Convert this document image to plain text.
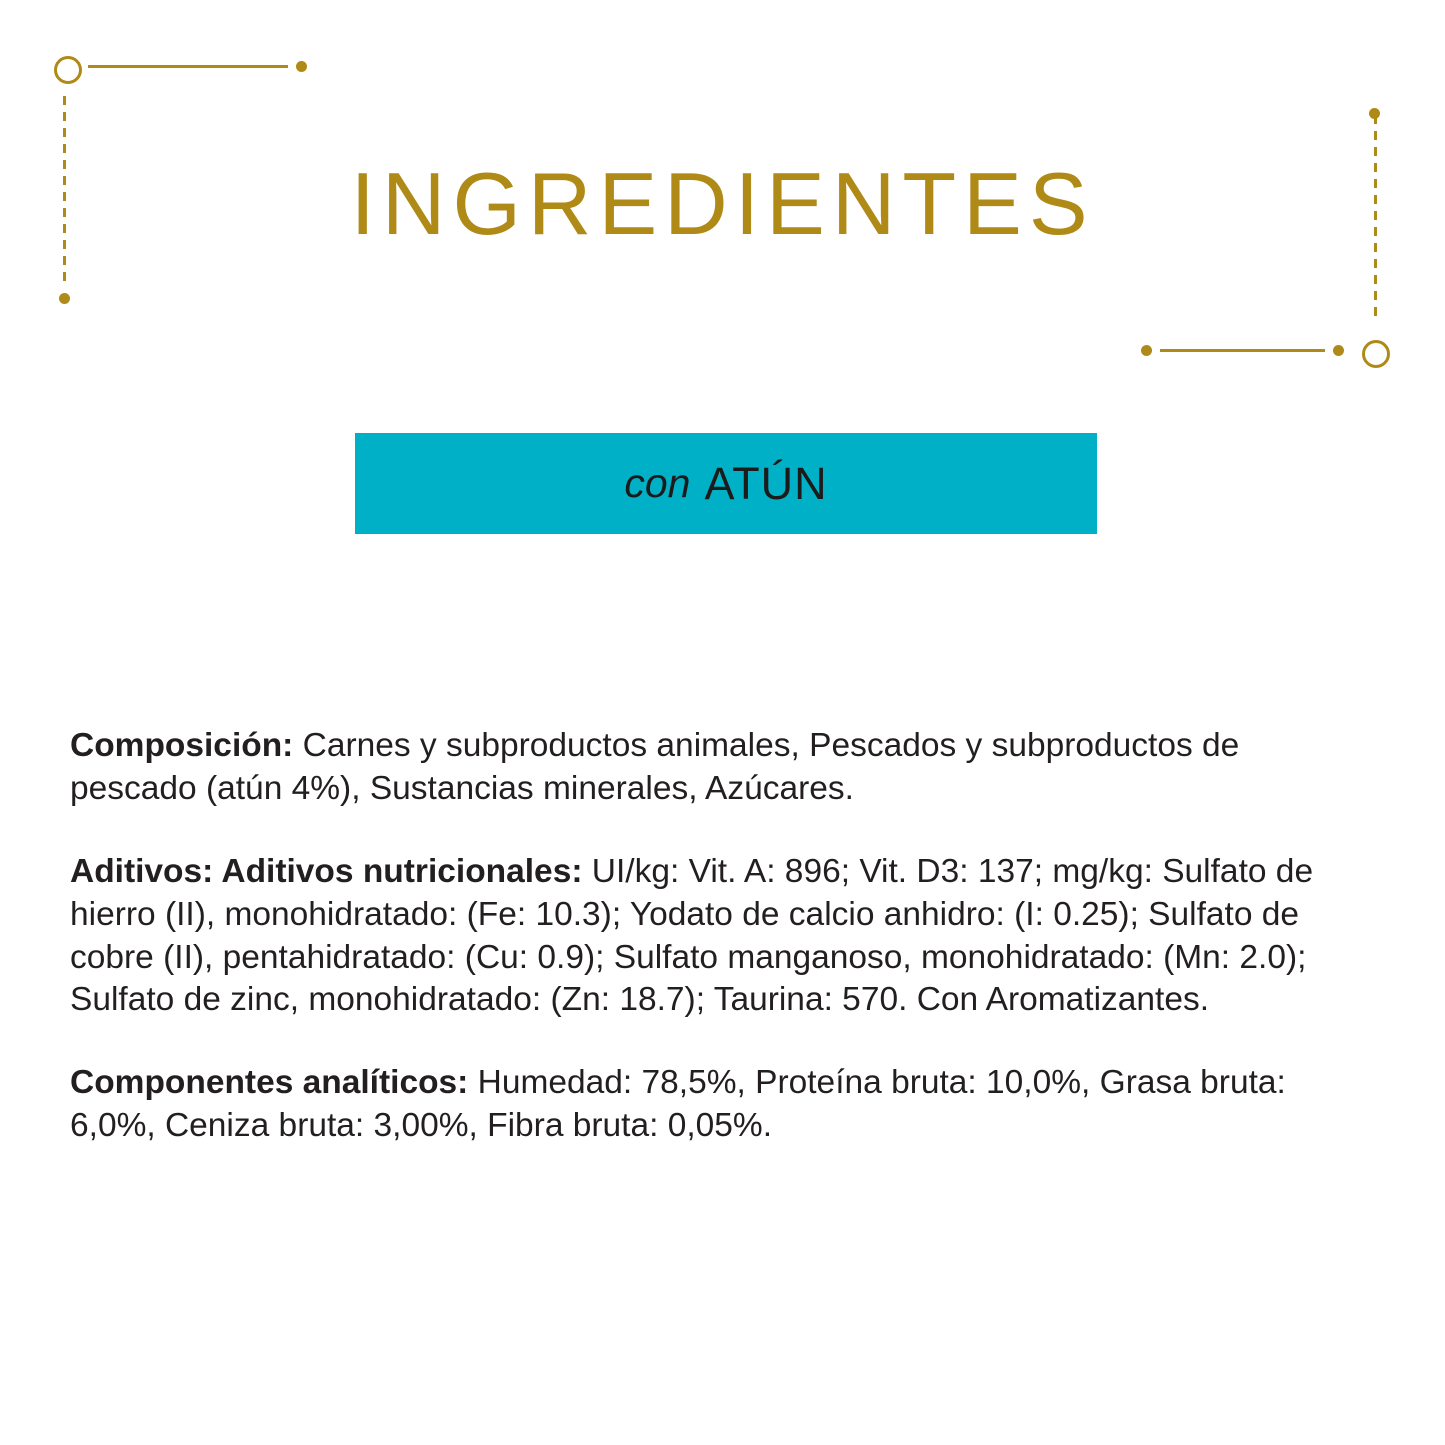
INGREDIENTES
con ATÚN

Composición: Carnes y subproductos animales, Pescados y subproductos de pescado (atún 4%), Sustancias minerales, Azúcares.

Aditivos: Aditivos nutricionales: UI/kg: Vit. A: 896; Vit. D3: 137; mg/kg: Sulfato de hierro (II), monohidratado: (Fe: 10.3); Yodato de calcio anhidro: (I: 0.25); Sulfato de cobre (II), pentahidratado: (Cu: 0.9); Sulfato manganoso, monohidratado: (Mn: 2.0); Sulfato de zinc, monohidratado: (Zn: 18.7); Taurina: 570. Con Aromatizantes.

Componentes analíticos: Humedad: 78,5%, Proteína bruta: 10,0%, Grasa bruta: 6,0%, Ceniza bruta: 3,00%, Fibra bruta: 0,05%.
